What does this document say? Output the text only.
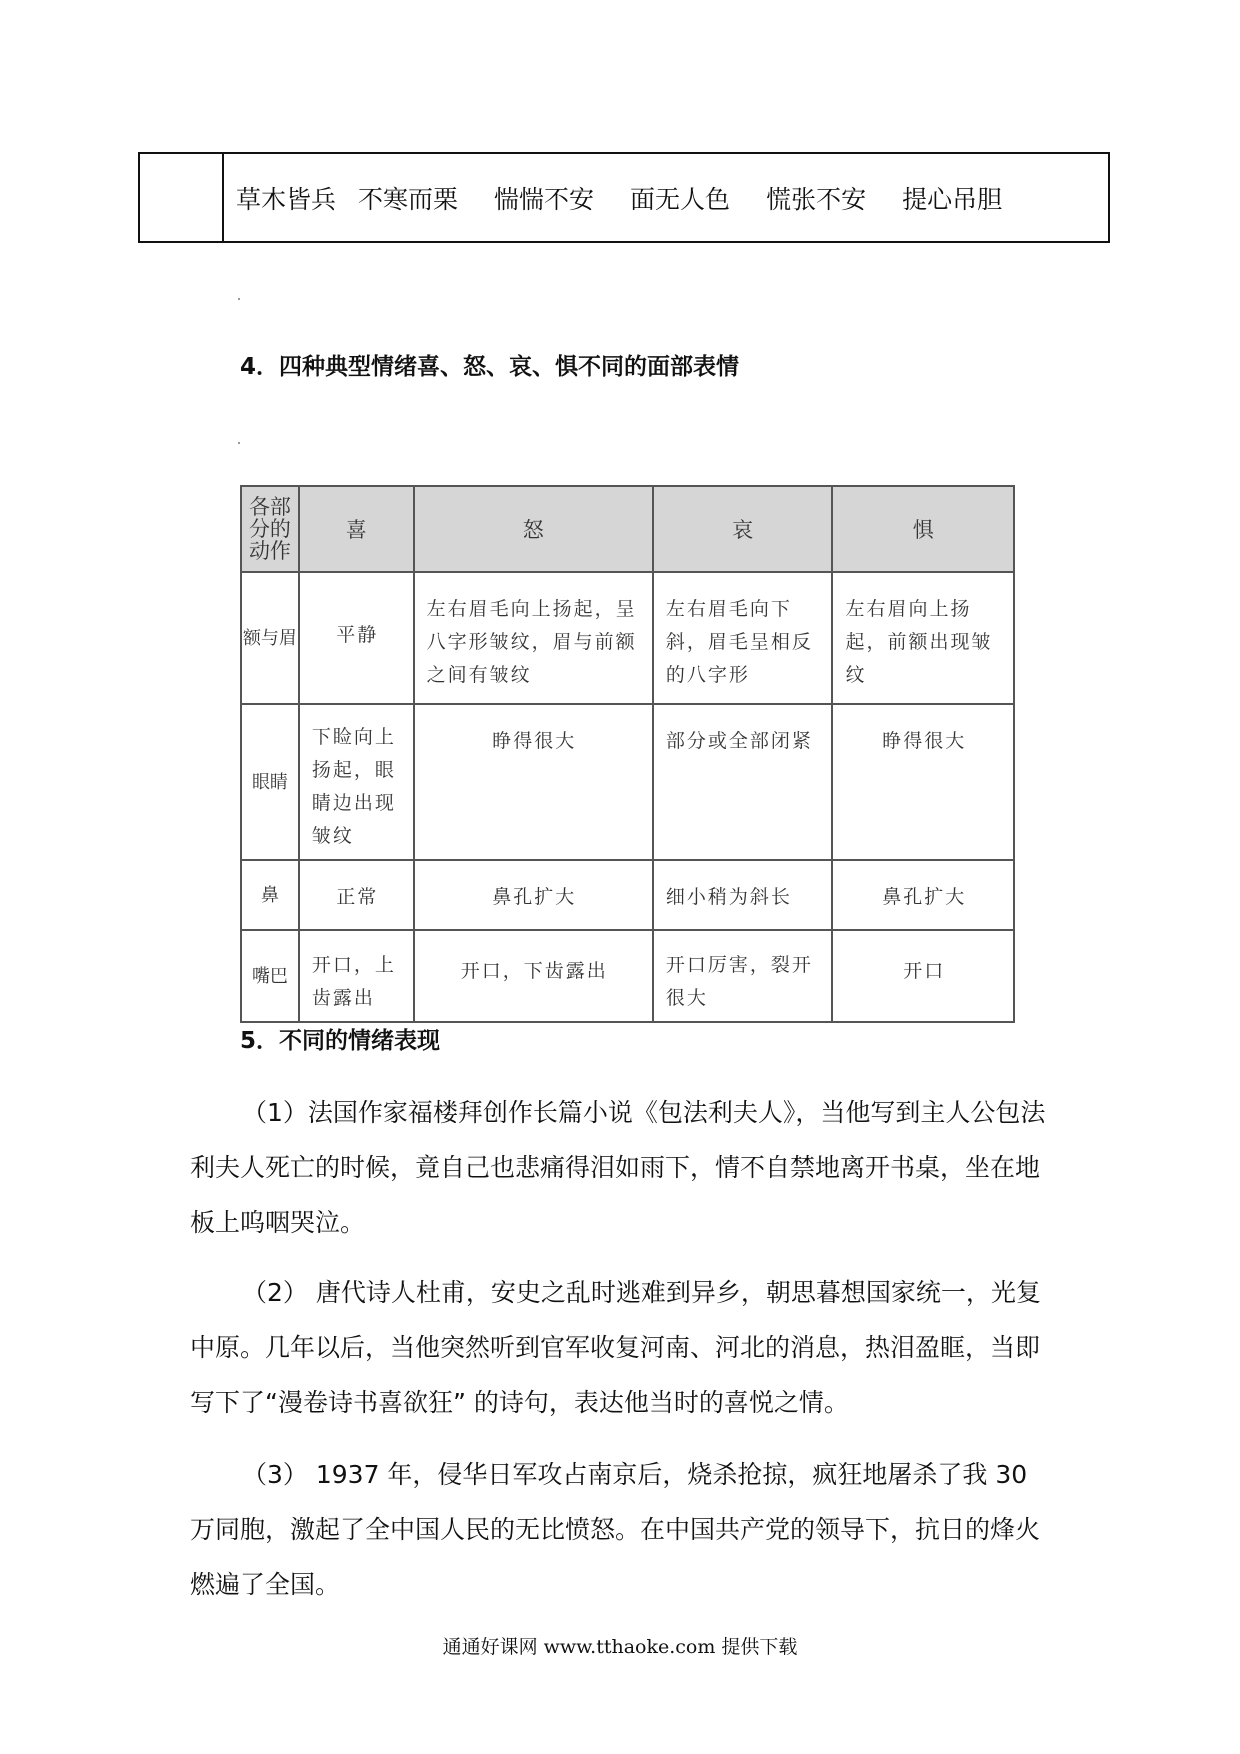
草木皆兵 不寒而栗 惴惴不安 面无人色 慌张不安 提心吊胆
4．四种典型情绪喜、怒、哀、惧不同的面部表情
各部分的动作	喜	怒	哀	惧
额与眉	平静	左右眉毛向上扬起，呈八字形皱纹，眉与前额之间有皱纹	左右眉毛向下斜，眉毛呈相反的八字形	左右眉向上扬起，前额出现皱纹
眼睛	下睑向上扬起，眼睛边出现皱纹	睁得很大	部分或全部闭紧	睁得很大
鼻	正常	鼻孔扩大	细小稍为斜长	鼻孔扩大
嘴巴	开口，上齿露出	开口，下齿露出	开口厉害，裂开很大	开口
5．不同的情绪表现
（1）法国作家福楼拜创作长篇小说《包法利夫人》，当他写到主人公包法利夫人死亡的时候，竟自己也悲痛得泪如雨下，情不自禁地离开书桌，坐在地板上呜咽哭泣。
（2） 唐代诗人杜甫，安史之乱时逃难到异乡，朝思暮想国家统一，光复中原。几年以后，当他突然听到官军收复河南、河北的消息，热泪盈眶，当即写下了“漫卷诗书喜欲狂” 的诗句，表达他当时的喜悦之情。
（3） 1937 年，侵华日军攻占南京后，烧杀抢掠，疯狂地屠杀了我 30 万同胞，激起了全中国人民的无比愤怒。在中国共产党的领导下，抗日的烽火燃遍了全国。
通通好课网 www.tthaoke.com 提供下载
